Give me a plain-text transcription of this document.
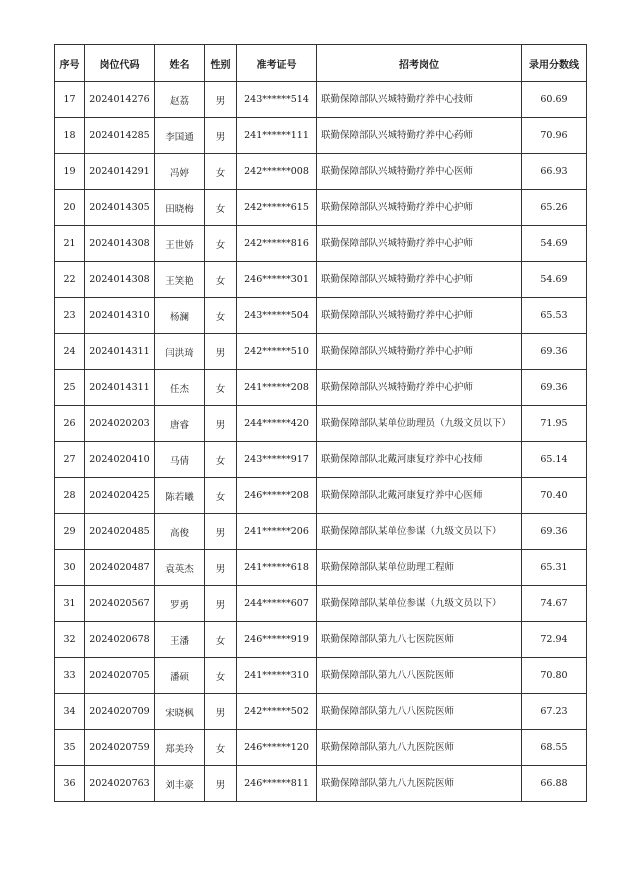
序号	岗位代码	姓名	性别	准考证号	招考岗位	录用分数线
17	2024014276	赵荔	男	243******514	联勤保障部队兴城特勤疗养中心技师	60.69
18	2024014285	李国通	男	241******111	联勤保障部队兴城特勤疗养中心药师	70.96
19	2024014291	冯婷	女	242******008	联勤保障部队兴城特勤疗养中心医师	66.93
20	2024014305	田晓梅	女	242******615	联勤保障部队兴城特勤疗养中心护师	65.26
21	2024014308	王世娇	女	242******816	联勤保障部队兴城特勤疗养中心护师	54.69
22	2024014308	王笑艳	女	246******301	联勤保障部队兴城特勤疗养中心护师	54.69
23	2024014310	杨澜	女	243******504	联勤保障部队兴城特勤疗养中心护师	65.53
24	2024014311	闫洪琦	男	242******510	联勤保障部队兴城特勤疗养中心护师	69.36
25	2024014311	任杰	女	241******208	联勤保障部队兴城特勤疗养中心护师	69.36
26	2024020203	唐睿	男	244******420	联勤保障部队某单位助理员（九级文员以下）	71.95
27	2024020410	马倩	女	243******917	联勤保障部队北戴河康复疗养中心技师	65.14
28	2024020425	陈若曦	女	246******208	联勤保障部队北戴河康复疗养中心医师	70.40
29	2024020485	高俊	男	241******206	联勤保障部队某单位参谋（九级文员以下）	69.36
30	2024020487	袁英杰	男	241******618	联勤保障部队某单位助理工程师	65.31
31	2024020567	罗勇	男	244******607	联勤保障部队某单位参谋（九级文员以下）	74.67
32	2024020678	王潘	女	246******919	联勤保障部队第九八七医院医师	72.94
33	2024020705	潘硕	女	241******310	联勤保障部队第九八八医院医师	70.80
34	2024020709	宋晓枫	男	242******502	联勤保障部队第九八八医院医师	67.23
35	2024020759	郑美玲	女	246******120	联勤保障部队第九八九医院医师	68.55
36	2024020763	刘丰豪	男	246******811	联勤保障部队第九八九医院医师	66.88
